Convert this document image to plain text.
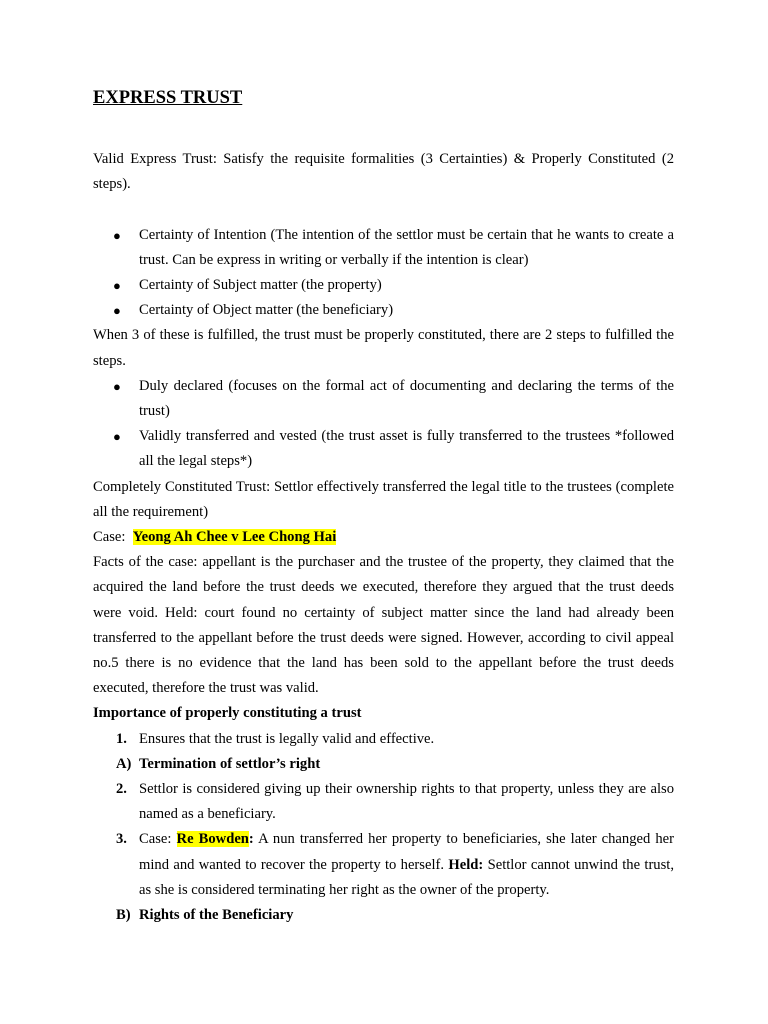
EXPRESS TRUST

Valid Express Trust: Satisfy the requisite formalities (3 Certainties) & Properly Constituted (2 steps).

● Certainty of Intention (The intention of the settlor must be certain that he wants to create a trust. Can be express in writing or verbally if the intention is clear)
● Certainty of Subject matter (the property)
● Certainty of Object matter (the beneficiary)

When 3 of these is fulfilled, the trust must be properly constituted, there are 2 steps to fulfilled the steps.

● Duly declared (focuses on the formal act of documenting and declaring the terms of the trust)
● Validly transferred and vested (the trust asset is fully transferred to the trustees *followed all the legal steps*)

Completely Constituted Trust: Settlor effectively transferred the legal title to the trustees (complete all the requirement)

Case: Yeong Ah Chee v Lee Chong Hai

Facts of the case: appellant is the purchaser and the trustee of the property, they claimed that the acquired the land before the trust deeds we executed, therefore they argued that the trust deeds were void. Held: court found no certainty of subject matter since the land had already been transferred to the appellant before the trust deeds were signed. However, according to civil appeal no.5 there is no evidence that the land has been sold to the appellant before the trust deeds executed, therefore the trust was valid.

Importance of properly constituting a trust

1. Ensures that the trust is legally valid and effective.
A) Termination of settlor’s right
2. Settlor is considered giving up their ownership rights to that property, unless they are also named as a beneficiary.
3. Case: Re Bowden: A nun transferred her property to beneficiaries, she later changed her mind and wanted to recover the property to herself. Held: Settlor cannot unwind the trust, as she is considered terminating her right as the owner of the property.
B) Rights of the Beneficiary
